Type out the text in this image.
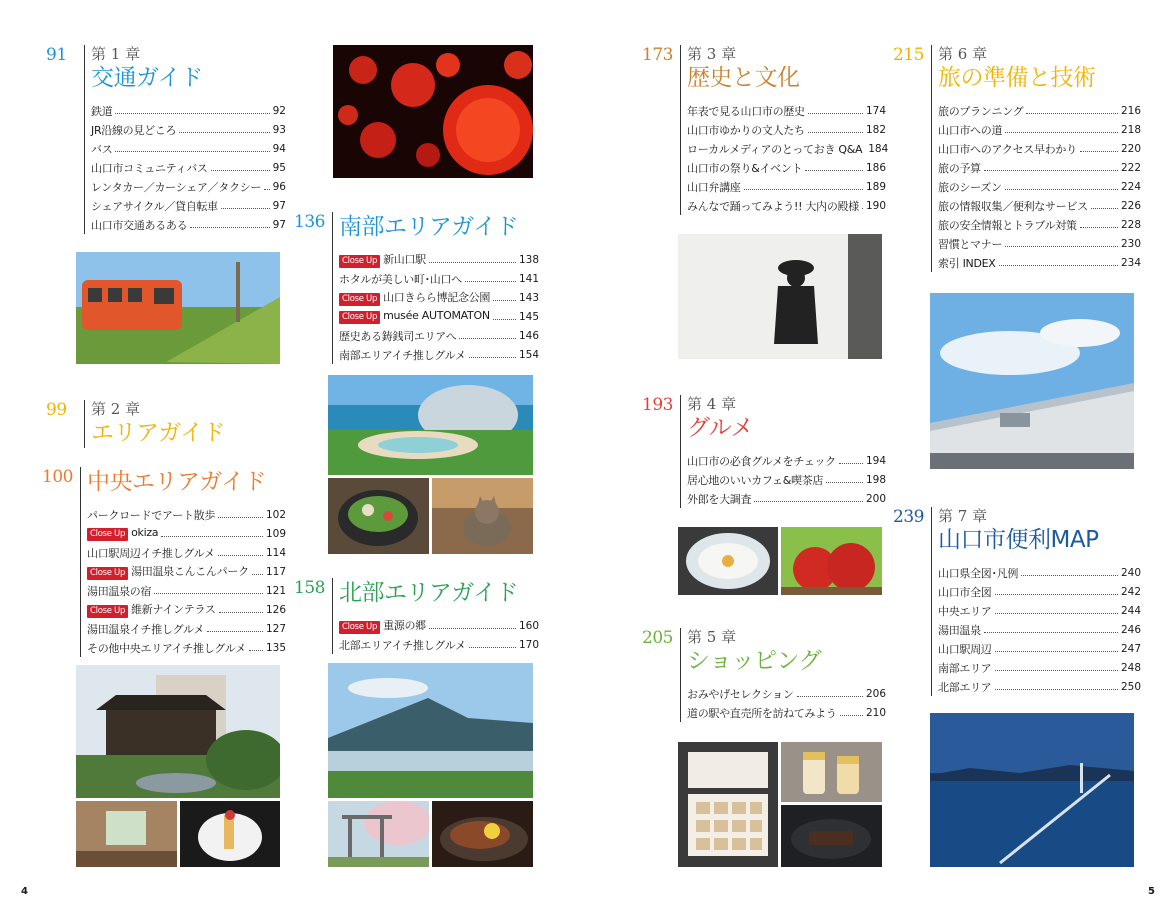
91 第 1 章
交通ガイド
鉄道	92
JR沿線の見どころ	93
バス	94
山口市コミュニティバス	95
レンタカー／カーシェア／タクシー 96
シェアサイクル／貸自転車	97
山口市交通あるある	97
99 第 2 章
エリアガイド
100 中央エリアガイド
パークロードでアート散歩	102
Close Up okiza	109
山口駅周辺イチ推しグルメ	114
Close Up 湯田温泉こんこんパーク 117
湯田温泉の宿	121
Close Up 維新ナインテラス	126
湯田温泉イチ推しグルメ	127
その他中央エリアイチ推しグルメ 135
136 南部エリアガイド
Close Up 新山口駅	138
ホタルが美しい町･山口へ	141
Close Up 山口きらら博記念公園	143
Close Up musée AUTOMATON	145
歴史ある鋳銭司エリアへ	146
南部エリアイチ推しグルメ	154
158 北部エリアガイド
Close Up 重源の郷	160
北部エリアイチ推しグルメ	170
173 第 3 章
歴史と文化
年表で見る山口市の歴史	174
山口市ゆかりの文人たち	182
ローカルメディアのとっておき Q&A 184
山口市の祭り&イベント	186
山口弁講座	189
みんなで踊ってみよう!! 大内の殿様 190
193 第 4 章
グルメ
山口市の必食グルメをチェック	194
居心地のいいカフェ&喫茶店	198
外郎を大調査	200
205 第 5 章
ショッピング
おみやげセレクション	206
道の駅や直売所を訪ねてみよう	210
215 第 6 章
旅の準備と技術
旅のプランニング	216
山口市への道	218
山口市へのアクセス早わかり	220
旅の予算	222
旅のシーズン	224
旅の情報収集／便利なサービス	226
旅の安全情報とトラブル対策	228
習慣とマナー	230
索引 INDEX	234
239 第 7 章
山口市便利MAP
山口県全図･凡例	240
山口市全図	242
中央エリア	244
湯田温泉	246
山口駅周辺	247
南部エリア	248
北部エリア	250
4	5
